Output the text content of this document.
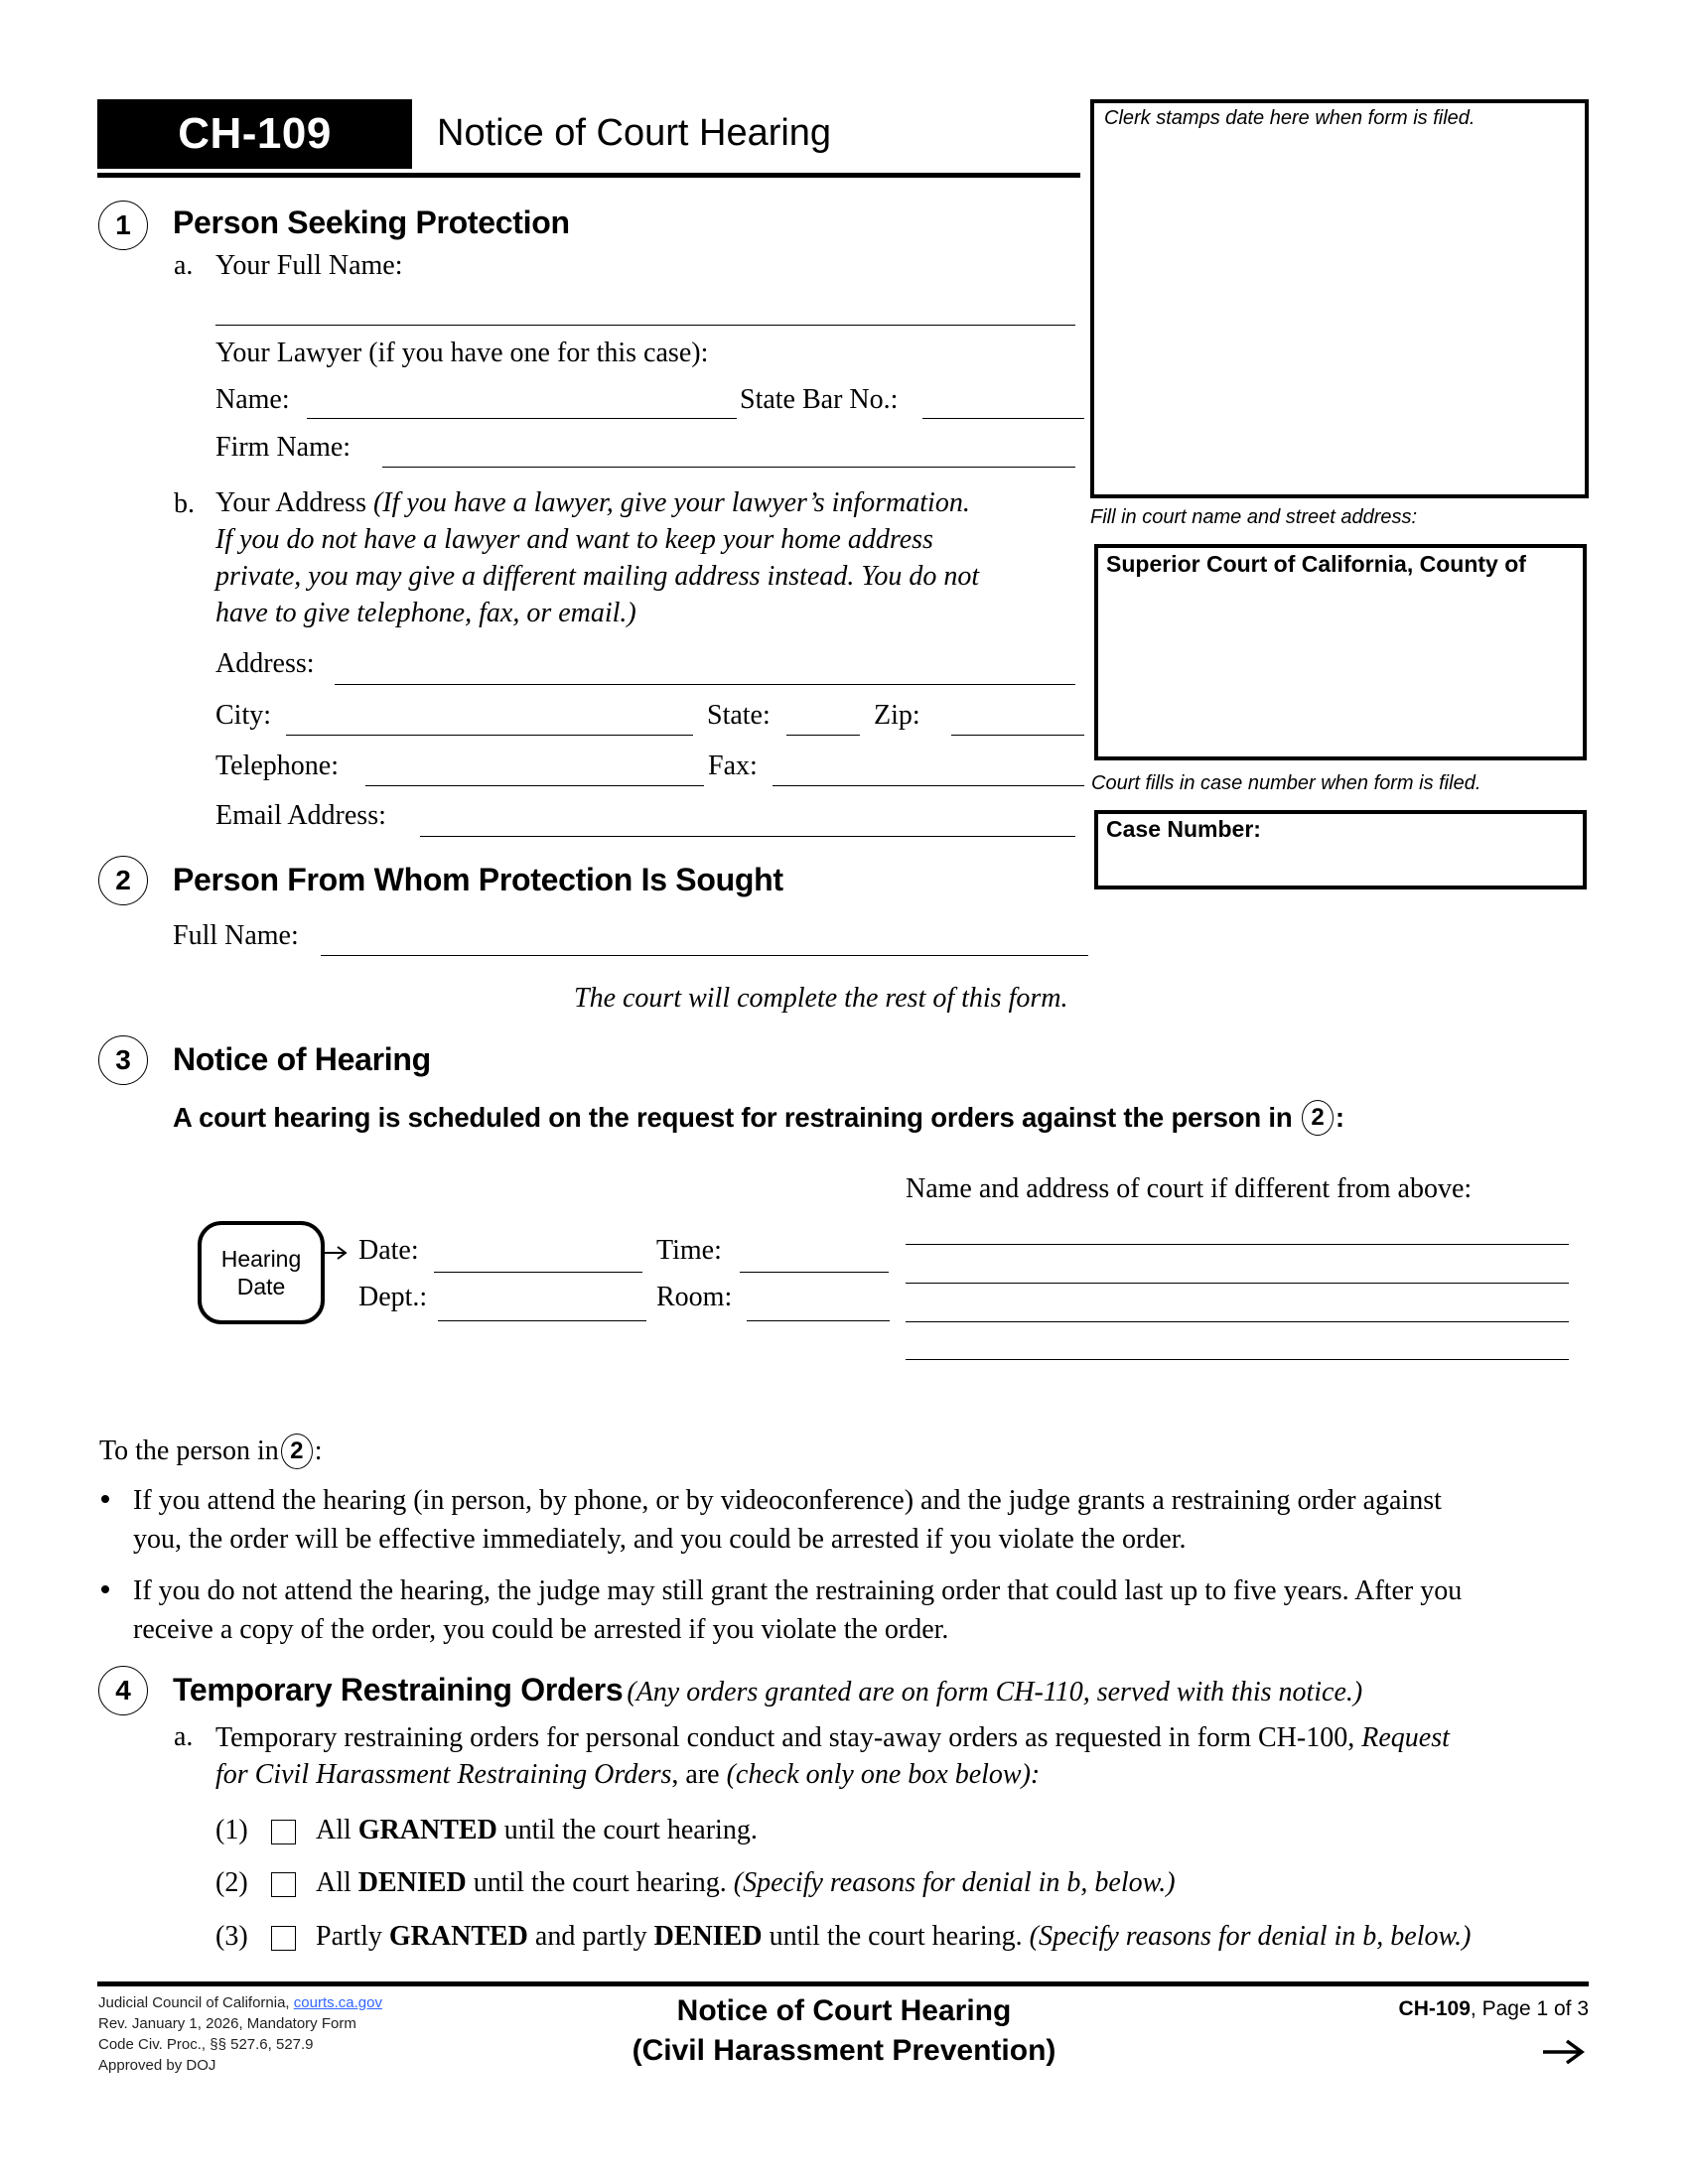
CH-109	Notice of Court Hearing	Clerk stamps date here when form is filed.
Fill in court name and street address:
Superior Court of California, County of
Court fills in case number when form is filed.
Case Number:
1	Person Seeking Protection
a. Your Full Name:
Your Lawyer (if you have one for this case):
Name:	State Bar No.:
Firm Name:
b. Your Address (If you have a lawyer, give your lawyer’s information.
If you do not have a lawyer and want to keep your home address
private, you may give a different mailing address instead. You do not
have to give telephone, fax, or email.)
Address:
City:	State:	Zip:
Telephone:	Fax:
Email Address:
2	Person From Whom Protection Is Sought
Full Name:
The court will complete the rest of this form.
3	Notice of Hearing
A court hearing is scheduled on the request for restraining orders against the person in 2 :
Name and address of court if different from above:
Hearing
Date
Date:	Time:
Dept.:	Room:
To the person in 2 :
If you attend the hearing (in person, by phone, or by videoconference) and the judge grants a restraining order against
you, the order will be effective immediately, and you could be arrested if you violate the order.
If you do not attend the hearing, the judge may still grant the restraining order that could last up to five years. After you
receive a copy of the order, you could be arrested if you violate the order.
4	Temporary Restraining Orders (Any orders granted are on form CH-110, served with this notice.)
a. Temporary restraining orders for personal conduct and stay-away orders as requested in form CH-100, Request
for Civil Harassment Restraining Orders, are (check only one box below):
(1) All GRANTED until the court hearing.
(2) All DENIED until the court hearing. (Specify reasons for denial in b, below.)
(3) Partly GRANTED and partly DENIED until the court hearing. (Specify reasons for denial in b, below.)
Judicial Council of California, courts.ca.gov
Rev. January 1, 2026, Mandatory Form
Code Civ. Proc., §§ 527.6, 527.9
Approved by DOJ
Notice of Court Hearing
(Civil Harassment Prevention)
CH-109, Page 1 of 3
